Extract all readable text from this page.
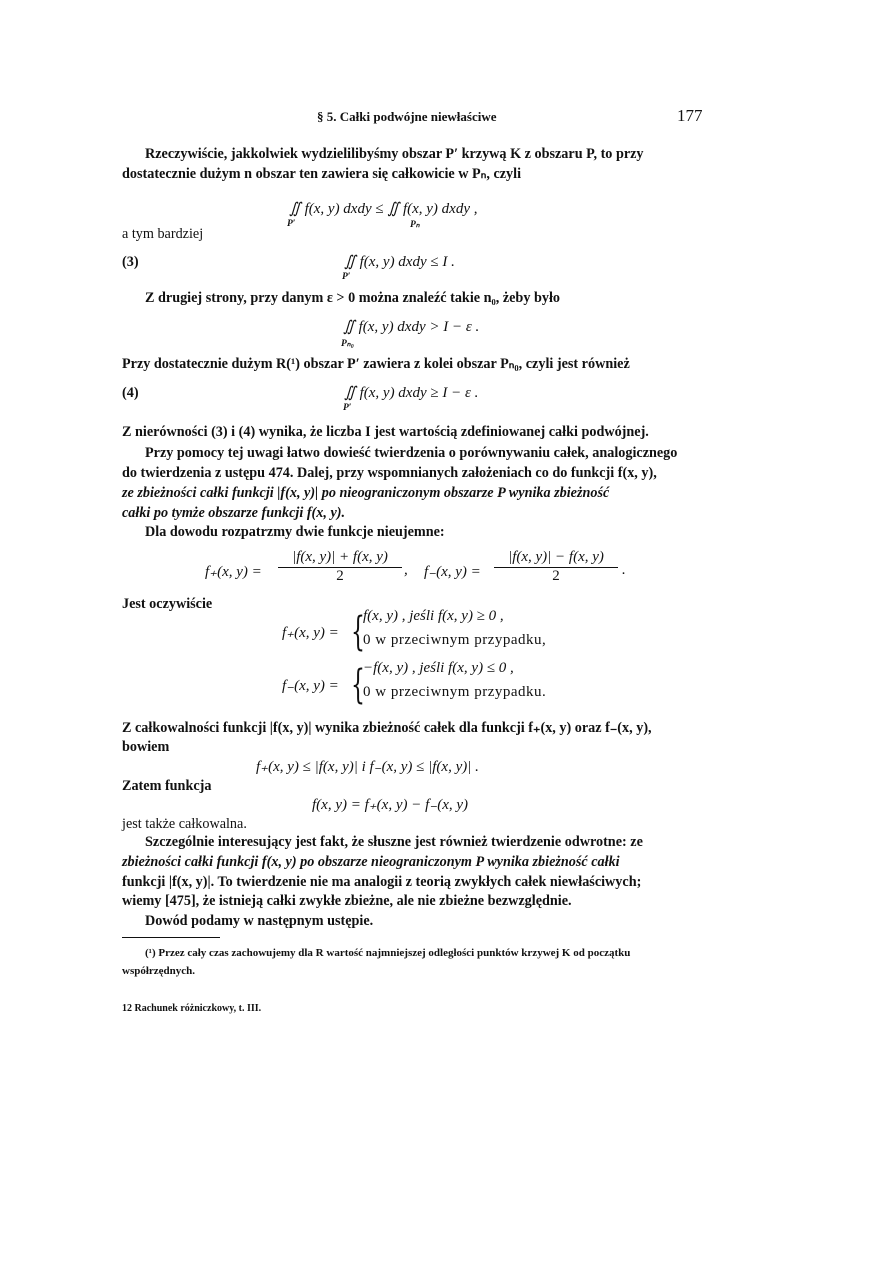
§ 5. Całki podwójne niewłaściwe	177
Rzeczywiście, jakkolwiek wydzielilibyśmy obszar P′ krzywą K z obszaru P, to przy
dostatecznie dużym n obszar ten zawiera się całkowicie w Pₙ, czyli
∬ f(x, y) dxdy ≤ ∬ f(x, y) dxdy ,
P′	Pₙ
a tym bardziej
(3)	∬ f(x, y) dxdy ≤ I .
P′
Z drugiej strony, przy danym ε > 0 można znaleźć takie n₀, żeby było
∬ f(x, y) dxdy > I − ε .
Pₙ₀
Przy dostatecznie dużym R(¹) obszar P′ zawiera z kolei obszar Pₙ₀, czyli jest również
(4)	∬ f(x, y) dxdy ≥ I − ε .
P′
Z nierówności (3) i (4) wynika, że liczba I jest wartością zdefiniowanej całki podwójnej.
Przy pomocy tej uwagi łatwo dowieść twierdzenia o porównywaniu całek, analogicznego
do twierdzenia z ustępu 474. Dalej, przy wspomnianych założeniach co do funkcji f(x, y),
ze zbieżności całki funkcji |f(x, y)| po nieograniczonym obszarze P wynika zbieżność
całki po tymże obszarze funkcji f(x, y).
Dla dowodu rozpatrzmy dwie funkcje nieujemne:
f₊(x, $y) = \frac{|f(x, y)| + f(x, y)}{2}$ , f₋(x, $y) = \frac{|f(x, y)| - f(x, y)}{2}$ .
Jest oczywiście
f₊(x, y) = {
f(x, y) , jeśli f(x, y) ≥ 0 ,
0 w przeciwnym przypadku,
f₋(x, y) = {
−f(x, y) , jeśli f(x, y) ≤ 0 ,
0 w przeciwnym przypadku.
Z całkowalności funkcji |f(x, y)| wynika zbieżność całek dla funkcji f₊(x, y) oraz f₋(x, y),
bowiem
f₊(x, y) ≤ |f(x, y)| i f₋(x, y) ≤ |f(x, y)| .
Zatem funkcja
f(x, y) = f₊(x, y) − f₋(x, y)
jest także całkowalna.
Szczególnie interesujący jest fakt, że słuszne jest również twierdzenie odwrotne: ze
zbieżności całki funkcji f(x, y) po obszarze nieograniczonym P wynika zbieżność całki
funkcji |f(x, y)|. To twierdzenie nie ma analogii z teorią zwykłych całek niewłaściwych;
wiemy [475], że istnieją całki zwykłe zbieżne, ale nie zbieżne bezwzględnie.
Dowód podamy w następnym ustępie.
(¹) Przez cały czas zachowujemy dla R wartość najmniejszej odległości punktów krzywej K od początku
współrzędnych.
12 Rachunek różniczkowy, t. III.
